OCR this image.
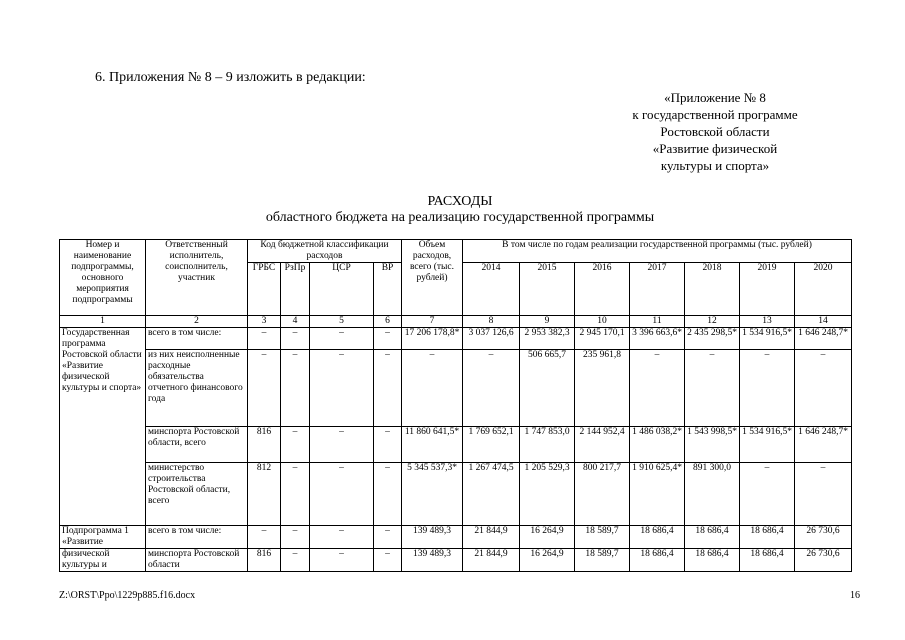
6. Приложения № 8 – 9 изложить в редакции:
«Приложение № 8
к государственной программе
Ростовской области
«Развитие физической
культуры и спорта»
РАСХОДЫ
областного бюджета на реализацию государственной программы
Номер и наименование подпрограммы, основного мероприятия подпрограммы	Ответственный исполнитель, соисполнитель, участник	Код бюджетной классификации расходов				Объем расходов, всего (тыс. рублей)	В том числе по годам реализации государственной программы (тыс. рублей)						
		ГРБС	РзПр	ЦСР	ВР		2014	2015	2016	2017	2018	2019	2020
1	2	3	4	5	6	7	8	9	10	11	12	13	14
Государственная программа Ростовской области «Развитие физической культуры и спорта»	всего в том числе:	–	–	–	–	17 206 178,8*	3 037 126,6	2 953 382,3	2 945 170,1	3 396 663,6*	2 435 298,5*	1 534 916,5*	1 646 248,7*
	из них неисполненные расходные обязательства отчетного финансового года	–	–	–	–	–	–	506 665,7	235 961,8	–	–	–	–
	минспорта Ростовской области, всего	816	–	–	–	11 860 641,5*	1 769 652,1	1 747 853,0	2 144 952,4	1 486 038,2*	1 543 998,5*	1 534 916,5*	1 646 248,7*
	министерство строительства Ростовской области, всего	812	–	–	–	5 345 537,3*	1 267 474,5	1 205 529,3	800 217,7	1 910 625,4*	891 300,0	–	–
Подпрограмма 1 «Развитие	всего в том числе:	–	–	–	–	139 489,3	21 844,9	16 264,9	18 589,7	18 686,4	18 686,4	18 686,4	26 730,6
физической культуры и	минспорта Ростовской области	816	–	–	–	139 489,3	21 844,9	16 264,9	18 589,7	18 686,4	18 686,4	18 686,4	26 730,6
Z:\ORST\Ppo\1229p885.f16.docx	16
